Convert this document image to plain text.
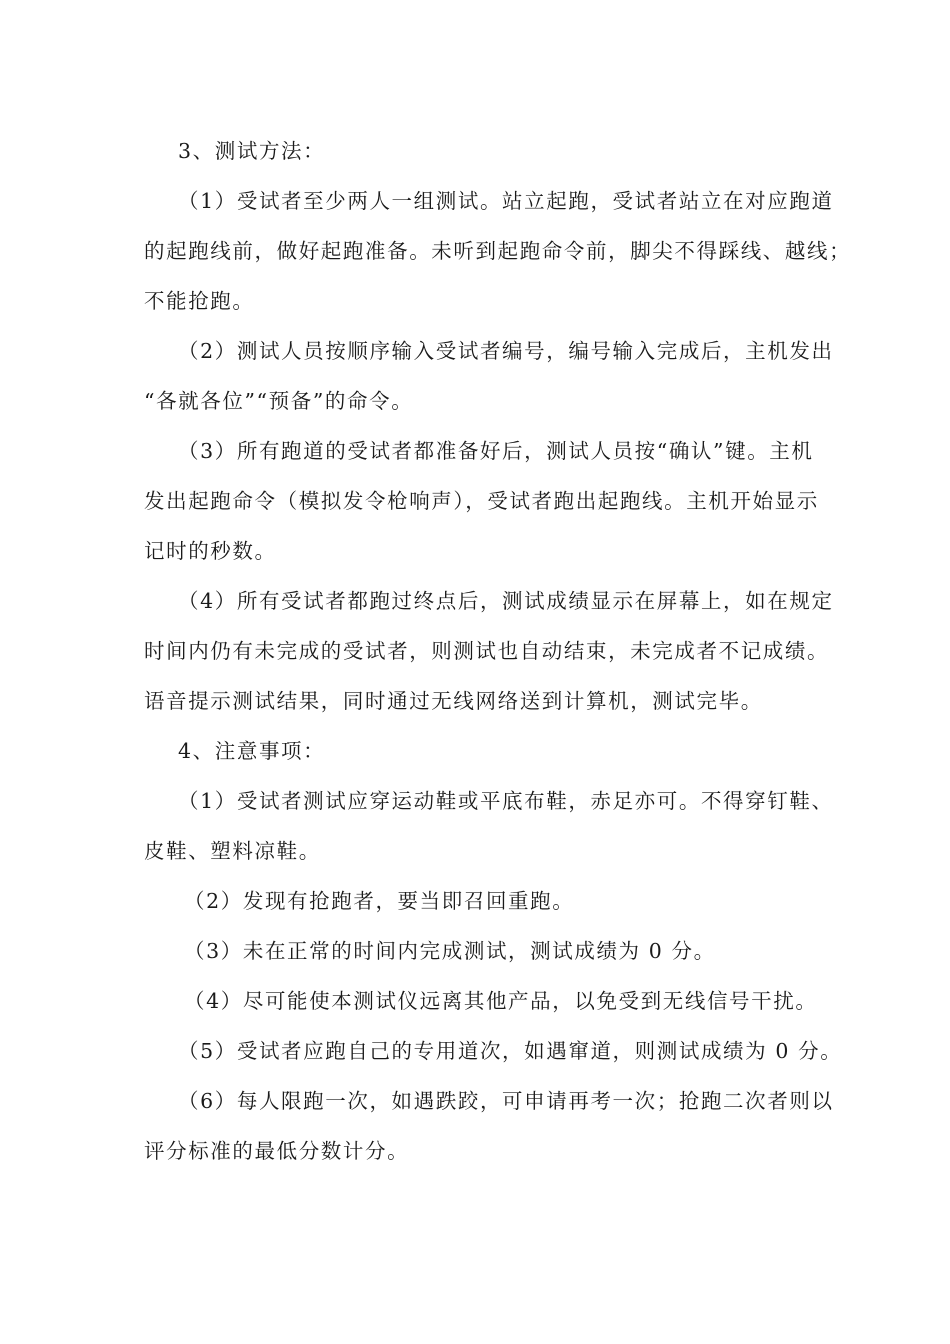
3、测试方法：
（1）受试者至少两人一组测试。站立起跑，受试者站立在对应跑道
的起跑线前，做好起跑准备。未听到起跑命令前，脚尖不得踩线、越线；
不能抢跑。
（2）测试人员按顺序输入受试者编号，编号输入完成后，主机发出
“各就各位”“预备”的命令。
（3）所有跑道的受试者都准备好后，测试人员按“确认”键。主机
发出起跑命令（模拟发令枪响声），受试者跑出起跑线。主机开始显示
记时的秒数。
（4）所有受试者都跑过终点后，测试成绩显示在屏幕上，如在规定
时间内仍有未完成的受试者，则测试也自动结束，未完成者不记成绩。
语音提示测试结果，同时通过无线网络送到计算机，测试完毕。
4、注意事项：
（1）受试者测试应穿运动鞋或平底布鞋，赤足亦可。不得穿钉鞋、
皮鞋、塑料凉鞋。
（2）发现有抢跑者，要当即召回重跑。
（3）未在正常的时间内完成测试，测试成绩为 0 分。
（4）尽可能使本测试仪远离其他产品，以免受到无线信号干扰。
（5）受试者应跑自己的专用道次，如遇窜道，则测试成绩为 0 分。
（6）每人限跑一次，如遇跌跤，可申请再考一次；抢跑二次者则以
评分标准的最低分数计分。
